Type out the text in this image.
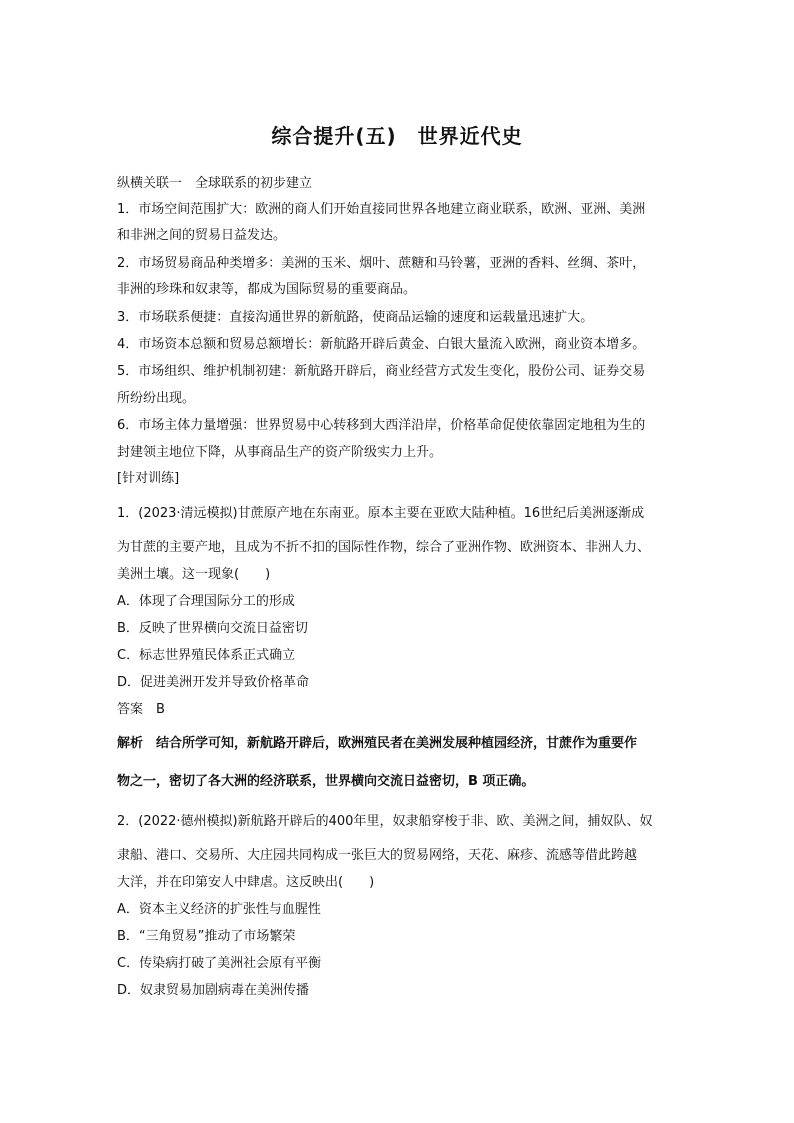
综合提升(五)　世界近代史
纵横关联一　全球联系的初步建立
1．市场空间范围扩大：欧洲的商人们开始直接同世界各地建立商业联系，欧洲、亚洲、美洲
和非洲之间的贸易日益发达。
2．市场贸易商品种类增多：美洲的玉米、烟叶、蔗糖和马铃薯，亚洲的香料、丝绸、茶叶，
非洲的珍珠和奴隶等，都成为国际贸易的重要商品。
3．市场联系便捷：直接沟通世界的新航路，使商品运输的速度和运载量迅速扩大。
4．市场资本总额和贸易总额增长：新航路开辟后黄金、白银大量流入欧洲，商业资本增多。
5．市场组织、维护机制初建：新航路开辟后，商业经营方式发生变化，股份公司、证券交易
所纷纷出现。
6．市场主体力量增强：世界贸易中心转移到大西洋沿岸，价格革命促使依靠固定地租为生的
封建领主地位下降，从事商品生产的资产阶级实力上升。
[针对训练]
1．(2023·清远模拟)甘蔗原产地在东南亚。原本主要在亚欧大陆种植。16世纪后美洲逐渐成
为甘蔗的主要产地，且成为不折不扣的国际性作物，综合了亚洲作物、欧洲资本、非洲人力、
美洲土壤。这一现象(　　)
A．体现了合理国际分工的形成
B．反映了世界横向交流日益密切
C．标志世界殖民体系正式确立
D．促进美洲开发并导致价格革命
答案　B
解析　结合所学可知，新航路开辟后，欧洲殖民者在美洲发展种植园经济，甘蔗作为重要作
物之一，密切了各大洲的经济联系，世界横向交流日益密切，B 项正确。
2．(2022·德州模拟)新航路开辟后的400年里，奴隶船穿梭于非、欧、美洲之间，捕奴队、奴
隶船、港口、交易所、大庄园共同构成一张巨大的贸易网络，天花、麻疹、流感等借此跨越
大洋，并在印第安人中肆虐。这反映出(　　)
A．资本主义经济的扩张性与血腥性
B．“三角贸易”推动了市场繁荣
C．传染病打破了美洲社会原有平衡
D．奴隶贸易加剧病毒在美洲传播
